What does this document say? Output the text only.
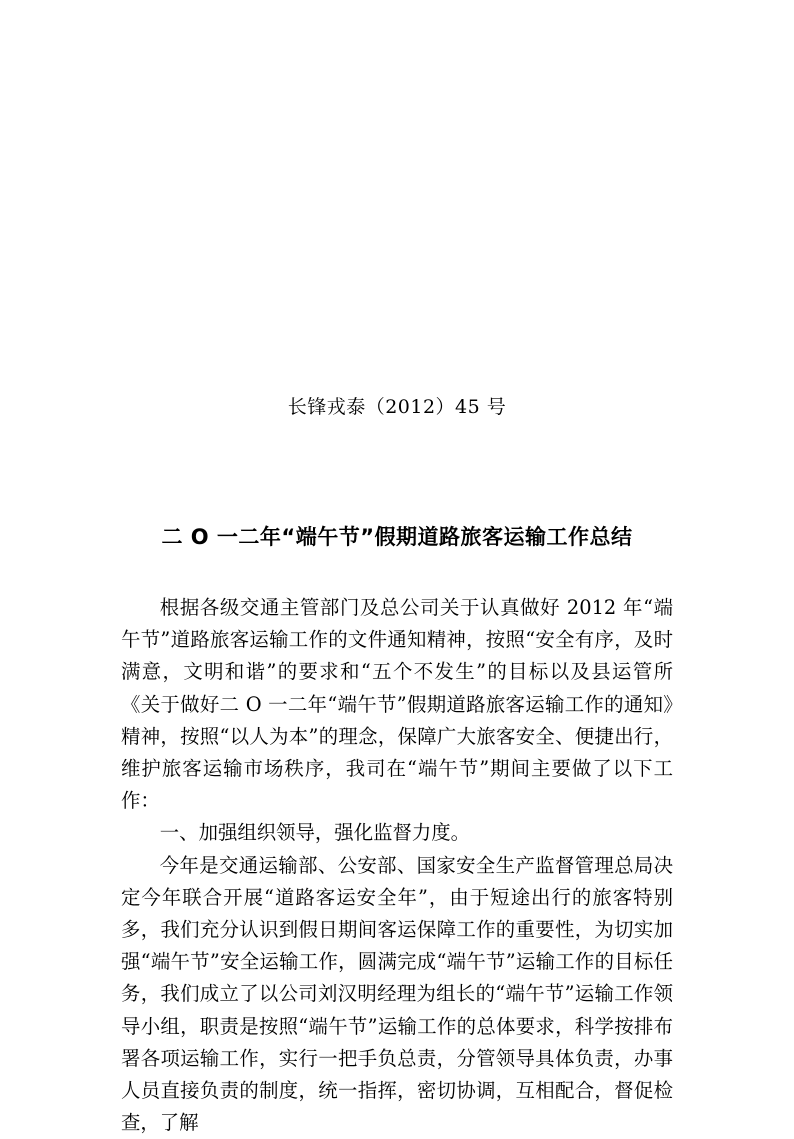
长锋戎泰（2012）45 号
二 O 一二年“端午节”假期道路旅客运输工作总结

根据各级交通主管部门及总公司关于认真做好 2012 年“端午节”道路旅客运输工作的文件通知精神，按照“安全有序，及时满意，文明和谐”的要求和“五个不发生”的目标以及县运管所《关于做好二 O 一二年“端午节”假期道路旅客运输工作的通知》精神，按照“以人为本”的理念，保障广大旅客安全、便捷出行，维护旅客运输市场秩序，我司在“端午节”期间主要做了以下工作：

一、加强组织领导，强化监督力度。

今年是交通运输部、公安部、国家安全生产监督管理总局决定今年联合开展“道路客运安全年”，由于短途出行的旅客特别多，我们充分认识到假日期间客运保障工作的重要性，为切实加强“端午节”安全运输工作，圆满完成“端午节”运输工作的目标任务，我们成立了以公司刘汉明经理为组长的“端午节”运输工作领导小组，职责是按照“端午节”运输工作的总体要求，科学按排布署各项运输工作，实行一把手负总责，分管领导具体负责，办事人员直接负责的制度，统一指挥，密切协调，互相配合，督促检查，了解
